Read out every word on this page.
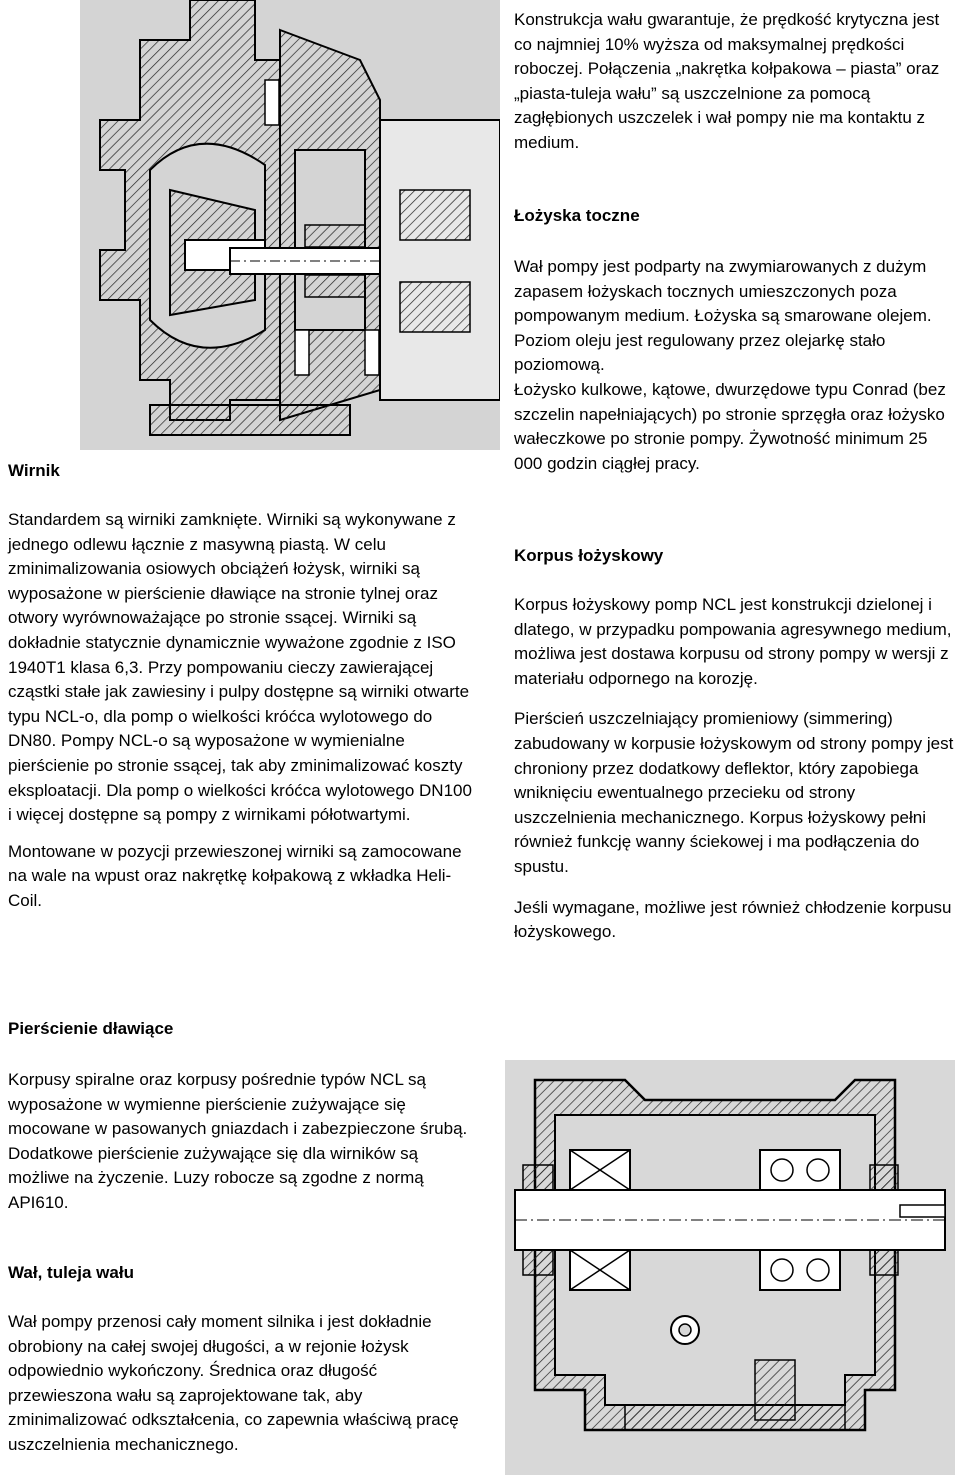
Konstrukcja wału gwarantuje, że prędkość krytyczna jest co najmniej 10% wyższa od maksymalnej prędkości roboczej. Połączenia „nakrętka kołpakowa – piasta” oraz „piasta-tuleja wału” są uszczelnione za pomocą zagłębionych uszczelek i wał pompy nie ma kontaktu z medium.

Łożyska toczne

Wał pompy jest podparty na zwymiarowanych z dużym zapasem łożyskach tocznych umieszczonych poza pompowanym medium. Łożyska są smarowane olejem. Poziom oleju jest regulowany przez olejarkę stało poziomową.

Łożysko kulkowe, kątowe, dwurzędowe typu Conrad (bez szczelin napełniających) po stronie sprzęgła oraz łożysko wałeczkowe po stronie pompy. Żywotność minimum 25 000 godzin ciągłej pracy.

Korpus łożyskowy

Korpus łożyskowy pomp NCL jest konstrukcji dzielonej i dlatego, w przypadku pompowania agresywnego medium, możliwa jest dostawa korpusu od strony pompy w wersji z materiału odpornego na korozję.

Pierścień uszczelniający promieniowy (simmering) zabudowany w korpusie łożyskowym od strony pompy jest chroniony przez dodatkowy deflektor, który zapobiega wniknięciu ewentualnego przecieku od strony uszczelnienia mechanicznego. Korpus łożyskowy pełni również funkcję wanny ściekowej i ma podłączenia do spustu.

Jeśli wymagane, możliwe jest również chłodzenie korpusu łożyskowego.

Wirnik

Standardem są wirniki zamknięte. Wirniki są wykonywane z jednego odlewu łącznie z masywną piastą. W celu zminimalizowania osiowych obciążeń łożysk, wirniki są wyposażone w pierścienie dławiące na stronie tylnej oraz otwory wyrównoważające po stronie ssącej. Wirniki są dokładnie statycznie dynamicznie wyważone zgodnie z ISO 1940T1 klasa 6,3. Przy pompowaniu cieczy zawierającej cząstki stałe jak zawiesiny i pulpy dostępne są wirniki otwarte typu NCL-o, dla pomp o wielkości króćca wylotowego do DN80. Pompy NCL-o są wyposażone w wymienialne pierścienie po stronie ssącej, tak aby zminimalizować koszty eksploatacji. Dla pomp o wielkości króćca wylotowego DN100 i więcej dostępne są pompy z wirnikami półotwartymi.

Montowane w pozycji przewieszonej wirniki są zamocowane na wale na wpust oraz nakrętkę kołpakową z wkładka Heli-Coil.

Pierścienie dławiące

Korpusy spiralne oraz korpusy pośrednie typów NCL są wyposażone w wymienne pierścienie zużywające się mocowane w pasowanych gniazdach i zabezpieczone śrubą. Dodatkowe pierścienie zużywające się dla wirników są możliwe na życzenie. Luzy robocze są zgodne z normą API610.

Wał, tuleja wału

Wał pompy przenosi cały moment silnika i jest dokładnie obrobiony na całej swojej długości, a w rejonie łożysk odpowiednio wykończony. Średnica oraz długość przewieszona wału są zaprojektowane tak, aby zminimalizować odkształcenia, co zapewnia właściwą pracę uszczelnienia mechanicznego.
